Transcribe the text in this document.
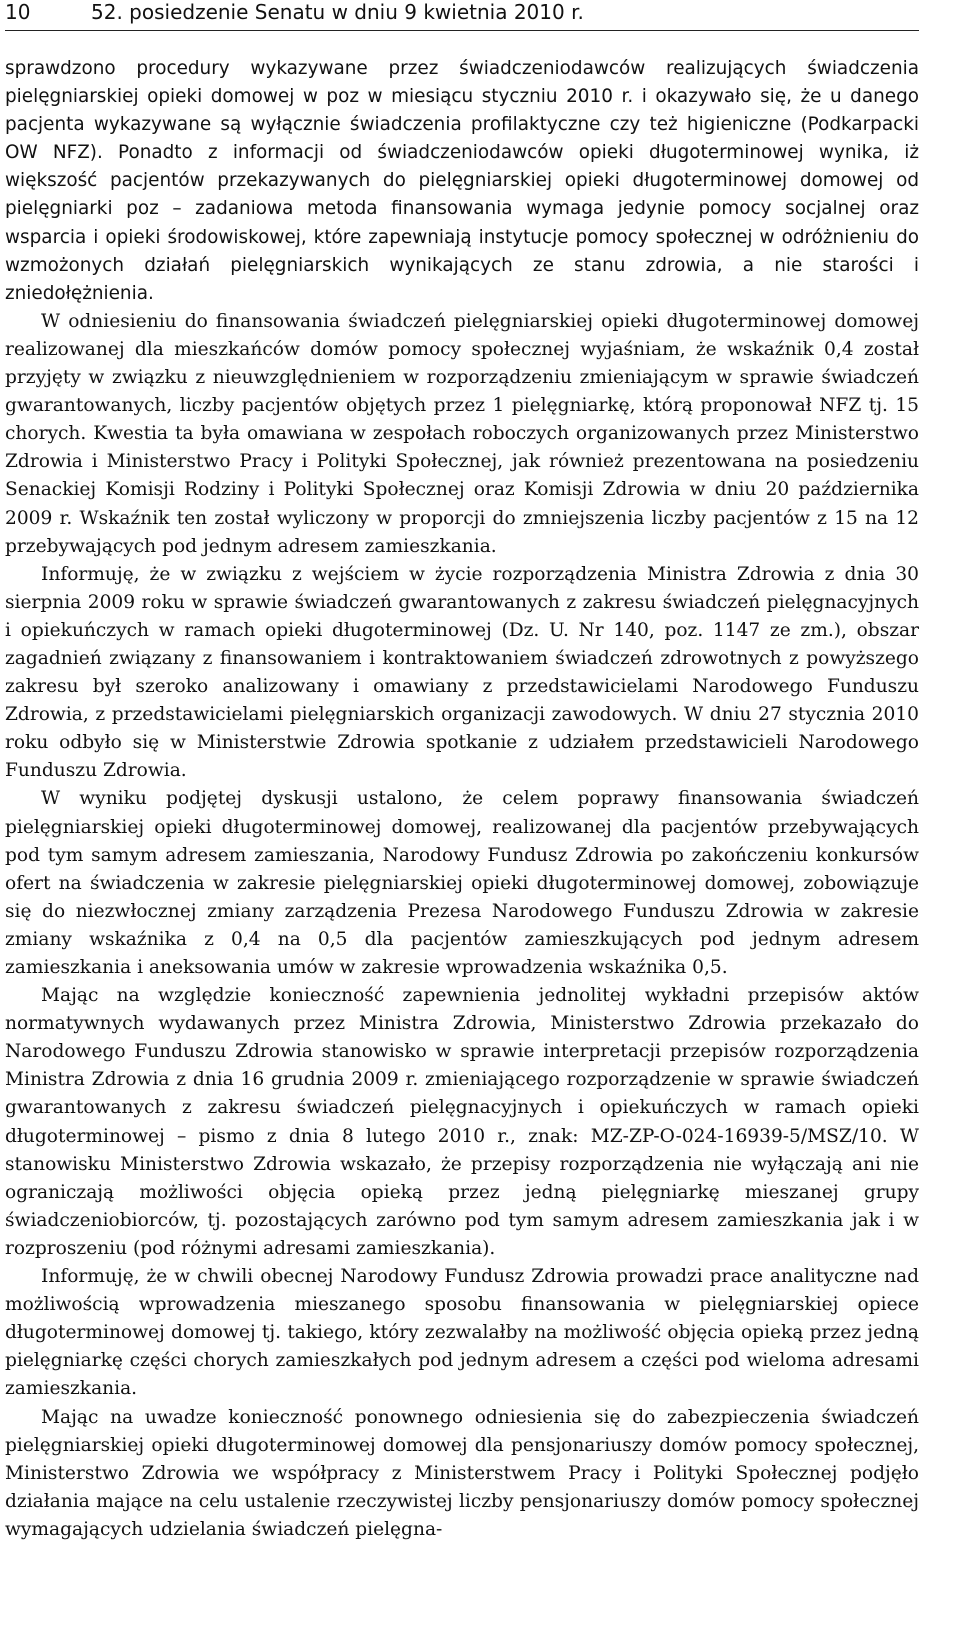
10	52. posiedzenie Senatu w dniu 9 kwietnia 2010 r.

sprawdzono procedury wykazywane przez świadczeniodawców realizujących świadczenia pielęgniarskiej opieki domowej w poz w miesiącu styczniu 2010 r. i okazywało się, że u danego pacjenta wykazywane są wyłącznie świadczenia profilaktyczne czy też higieniczne (Podkarpacki OW NFZ). Ponadto z informacji od świadczeniodawców opieki długoterminowej wynika, iż większość pacjentów przekazywanych do pielęgniarskiej opieki długoterminowej domowej od pielęgniarki poz – zadaniowa metoda finansowania wymaga jedynie pomocy socjalnej oraz wsparcia i opieki środowiskowej, które zapewniają instytucje pomocy społecznej w odróżnieniu do wzmożonych działań pielęgniarskich wynikających ze stanu zdrowia, a nie starości i zniedołężnienia.

W odniesieniu do finansowania świadczeń pielęgniarskiej opieki długoterminowej domowej realizowanej dla mieszkańców domów pomocy społecznej wyjaśniam, że wskaźnik 0,4 został przyjęty w związku z nieuwzględnieniem w rozporządzeniu zmieniającym w sprawie świadczeń gwarantowanych, liczby pacjentów objętych przez 1 pielęgniarkę, którą proponował NFZ tj. 15 chorych. Kwestia ta była omawiana w zespołach roboczych organizowanych przez Ministerstwo Zdrowia i Ministerstwo Pracy i Polityki Społecznej, jak również prezentowana na posiedzeniu Senackiej Komisji Rodziny i Polityki Społecznej oraz Komisji Zdrowia w dniu 20 października 2009 r. Wskaźnik ten został wyliczony w proporcji do zmniejszenia liczby pacjentów z 15 na 12 przebywających pod jednym adresem zamieszkania.

Informuję, że w związku z wejściem w życie rozporządzenia Ministra Zdrowia z dnia 30 sierpnia 2009 roku w sprawie świadczeń gwarantowanych z zakresu świadczeń pielęgnacyjnych i opiekuńczych w ramach opieki długoterminowej (Dz. U. Nr 140, poz. 1147 ze zm.), obszar zagadnień związany z finansowaniem i kontraktowaniem świadczeń zdrowotnych z powyższego zakresu był szeroko analizowany i omawiany z przedstawicielami Narodowego Funduszu Zdrowia, z przedstawicielami pielęgniarskich organizacji zawodowych. W dniu 27 stycznia 2010 roku odbyło się w Ministerstwie Zdrowia spotkanie z udziałem przedstawicieli Narodowego Funduszu Zdrowia.

W wyniku podjętej dyskusji ustalono, że celem poprawy finansowania świadczeń pielęgniarskiej opieki długoterminowej domowej, realizowanej dla pacjentów przebywających pod tym samym adresem zamieszania, Narodowy Fundusz Zdrowia po zakończeniu konkursów ofert na świadczenia w zakresie pielęgniarskiej opieki długoterminowej domowej, zobowiązuje się do niezwłocznej zmiany zarządzenia Prezesa Narodowego Funduszu Zdrowia w zakresie zmiany wskaźnika z 0,4 na 0,5 dla pacjentów zamieszkujących pod jednym adresem zamieszkania i aneksowania umów w zakresie wprowadzenia wskaźnika 0,5.

Mając na względzie konieczność zapewnienia jednolitej wykładni przepisów aktów normatywnych wydawanych przez Ministra Zdrowia, Ministerstwo Zdrowia przekazało do Narodowego Funduszu Zdrowia stanowisko w sprawie interpretacji przepisów rozporządzenia Ministra Zdrowia z dnia 16 grudnia 2009 r. zmieniającego rozporządzenie w sprawie świadczeń gwarantowanych z zakresu świadczeń pielęgnacyjnych i opiekuńczych w ramach opieki długoterminowej – pismo z dnia 8 lutego 2010 r., znak: MZ-ZP-O-024-16939-5/MSZ/10. W stanowisku Ministerstwo Zdrowia wskazało, że przepisy rozporządzenia nie wyłączają ani nie ograniczają możliwości objęcia opieką przez jedną pielęgniarkę mieszanej grupy świadczeniobiorców, tj. pozostających zarówno pod tym samym adresem zamieszkania jak i w rozproszeniu (pod różnymi adresami zamieszkania).

Informuję, że w chwili obecnej Narodowy Fundusz Zdrowia prowadzi prace analityczne nad możliwością wprowadzenia mieszanego sposobu finansowania w pielęgniarskiej opiece długoterminowej domowej tj. takiego, który zezwalałby na możliwość objęcia opieką przez jedną pielęgniarkę części chorych zamieszkałych pod jednym adresem a części pod wieloma adresami zamieszkania.

Mając na uwadze konieczność ponownego odniesienia się do zabezpieczenia świadczeń pielęgniarskiej opieki długoterminowej domowej dla pensjonariuszy domów pomocy społecznej, Ministerstwo Zdrowia we współpracy z Ministerstwem Pracy i Polityki Społecznej podjęło działania mające na celu ustalenie rzeczywistej liczby pensjonariuszy domów pomocy społecznej wymagających udzielania świadczeń pielęgna-
